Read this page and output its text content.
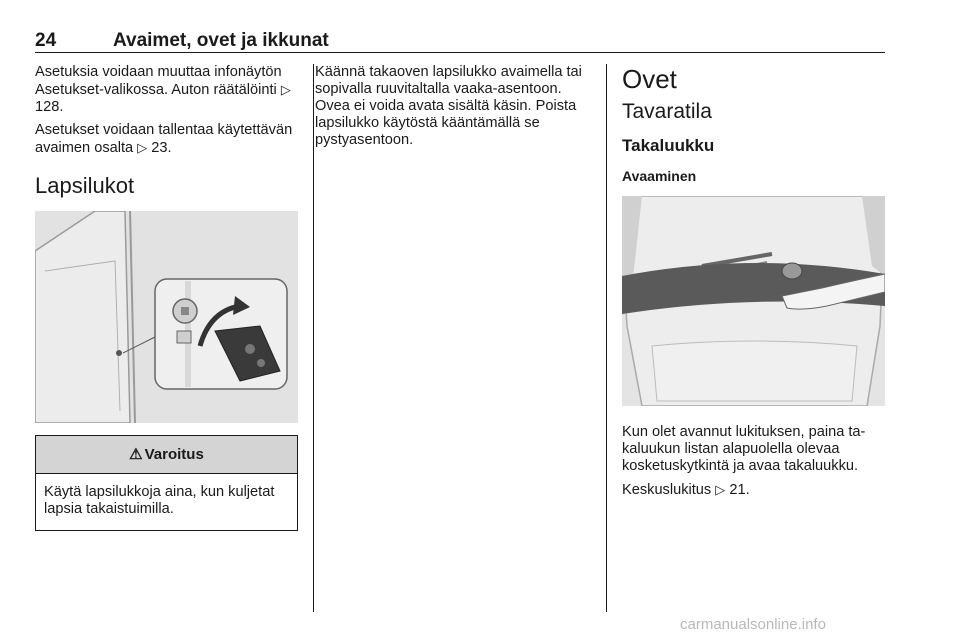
24	Avaimet, ovet ja ikkunat

Asetuksia voidaan muuttaa infonäytön Asetukset-valikossa. Auton räätälöinti ▷ 128.

Asetukset voidaan tallentaa käytettävän avaimen osalta ▷ 23.

Lapsilukot
⚠ Varoitus
Käytä lapsilukkoja aina, kun kuljetat lapsia takaistuimilla.

Käännä takaoven lapsilukko avaimella tai sopivalla ruuvitaltalla vaaka-asentoon. Ovea ei voida avata sisältä käsin. Poista lapsilukko käytöstä kääntämällä se pystyasentoon.

Ovet
Tavaratila
Takaluukku
Avaaminen

Kun olet avannut lukituksen, paina takaluukun listan alapuolella olevaa kosketuskytkintä ja avaa takaluukku.

Keskuslukitus ▷ 21.

carmanualsonline.info
